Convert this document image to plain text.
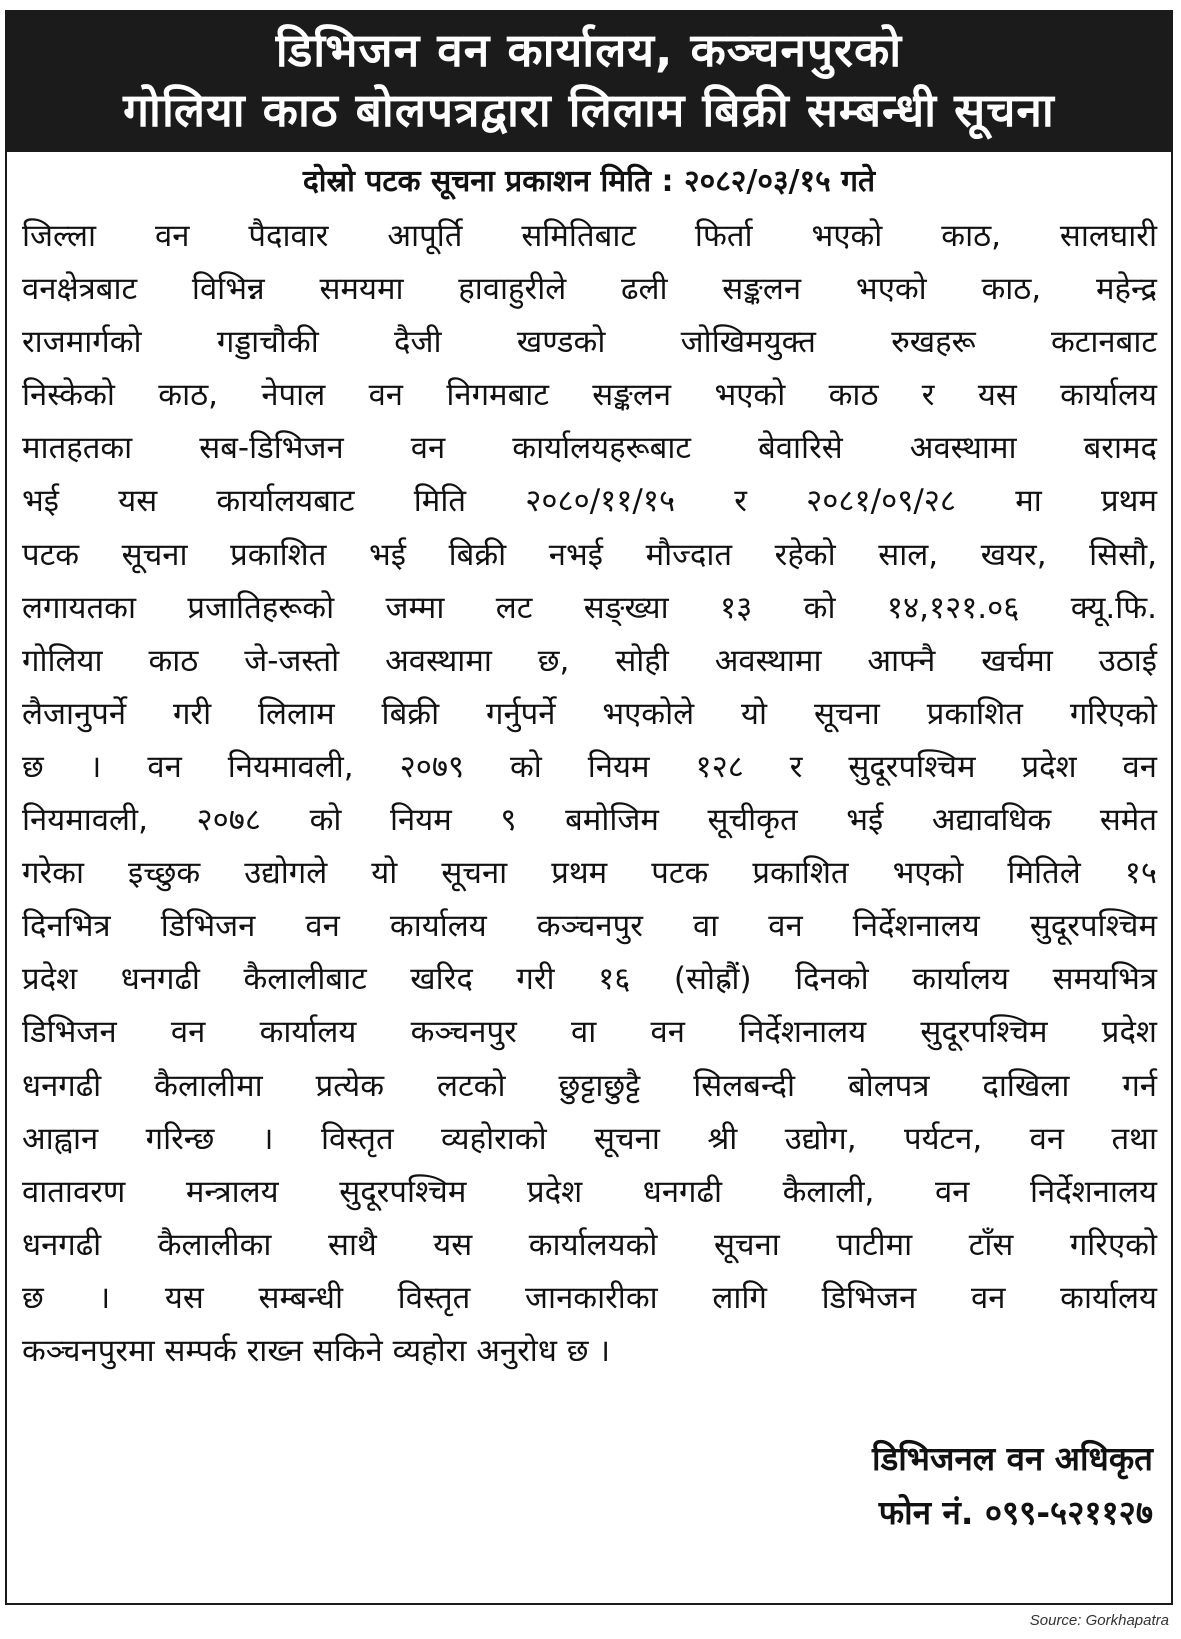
डिभिजन वन कार्यालय, कञ्चनपुरको
गोलिया काठ बोलपत्रद्वारा लिलाम बिक्री सम्बन्धी सूचना
दोस्रो पटक सूचना प्रकाशन मिति : २०८२/०३/१५ गते
जिल्ला वन पैदावार आपूर्ति समितिबाट फिर्ता भएको काठ, सालघारी
वनक्षेत्रबाट विभिन्न समयमा हावाहुरीले ढली सङ्कलन भएको काठ, महेन्द्र
राजमार्गको गड्डाचौकी दैजी खण्डको जोखिमयुक्त रुखहरू कटानबाट
निस्केको काठ, नेपाल वन निगमबाट सङ्कलन भएको काठ र यस कार्यालय
मातहतका सब-डिभिजन वन कार्यालयहरूबाट बेवारिसे अवस्थामा बरामद
भई यस कार्यालयबाट मिति २०८०/११/१५ र २०८१/०९/२८ मा प्रथम
पटक सूचना प्रकाशित भई बिक्री नभई मौज्दात रहेको साल, खयर, सिसौ,
लगायतका प्रजातिहरूको जम्मा लट सङ्ख्या १३ को १४,१२१.०६ क्यू.फि.
गोलिया काठ जे-जस्तो अवस्थामा छ, सोही अवस्थामा आफ्नै खर्चमा उठाई
लैजानुपर्ने गरी लिलाम बिक्री गर्नुपर्ने भएकोले यो सूचना प्रकाशित गरिएको
छ । वन नियमावली, २०७९ को नियम १२८ र सुदूरपश्चिम प्रदेश वन
नियमावली, २०७८ को नियम ९ बमोजिम सूचीकृत भई अद्यावधिक समेत
गरेका इच्छुक उद्योगले यो सूचना प्रथम पटक प्रकाशित भएको मितिले १५
दिनभित्र डिभिजन वन कार्यालय कञ्चनपुर वा वन निर्देशनालय सुदूरपश्चिम
प्रदेश धनगढी कैलालीबाट खरिद गरी १६ (सोह्रौं) दिनको कार्यालय समयभित्र
डिभिजन वन कार्यालय कञ्चनपुर वा वन निर्देशनालय सुदूरपश्चिम प्रदेश
धनगढी कैलालीमा प्रत्येक लटको छुट्टाछुट्टै सिलबन्दी बोलपत्र दाखिला गर्न
आह्वान गरिन्छ । विस्तृत व्यहोराको सूचना श्री उद्योग, पर्यटन, वन तथा
वातावरण मन्त्रालय सुदूरपश्चिम प्रदेश धनगढी कैलाली, वन निर्देशनालय
धनगढी कैलालीका साथै यस कार्यालयको सूचना पाटीमा टाँस गरिएको
छ । यस सम्बन्धी विस्तृत जानकारीका लागि डिभिजन वन कार्यालय
कञ्चनपुरमा सम्पर्क राख्न सकिने व्यहोरा अनुरोध छ ।
डिभिजनल वन अधिकृत
फोन नं. ०९९-५२११२७
Source: Gorkhapatra
